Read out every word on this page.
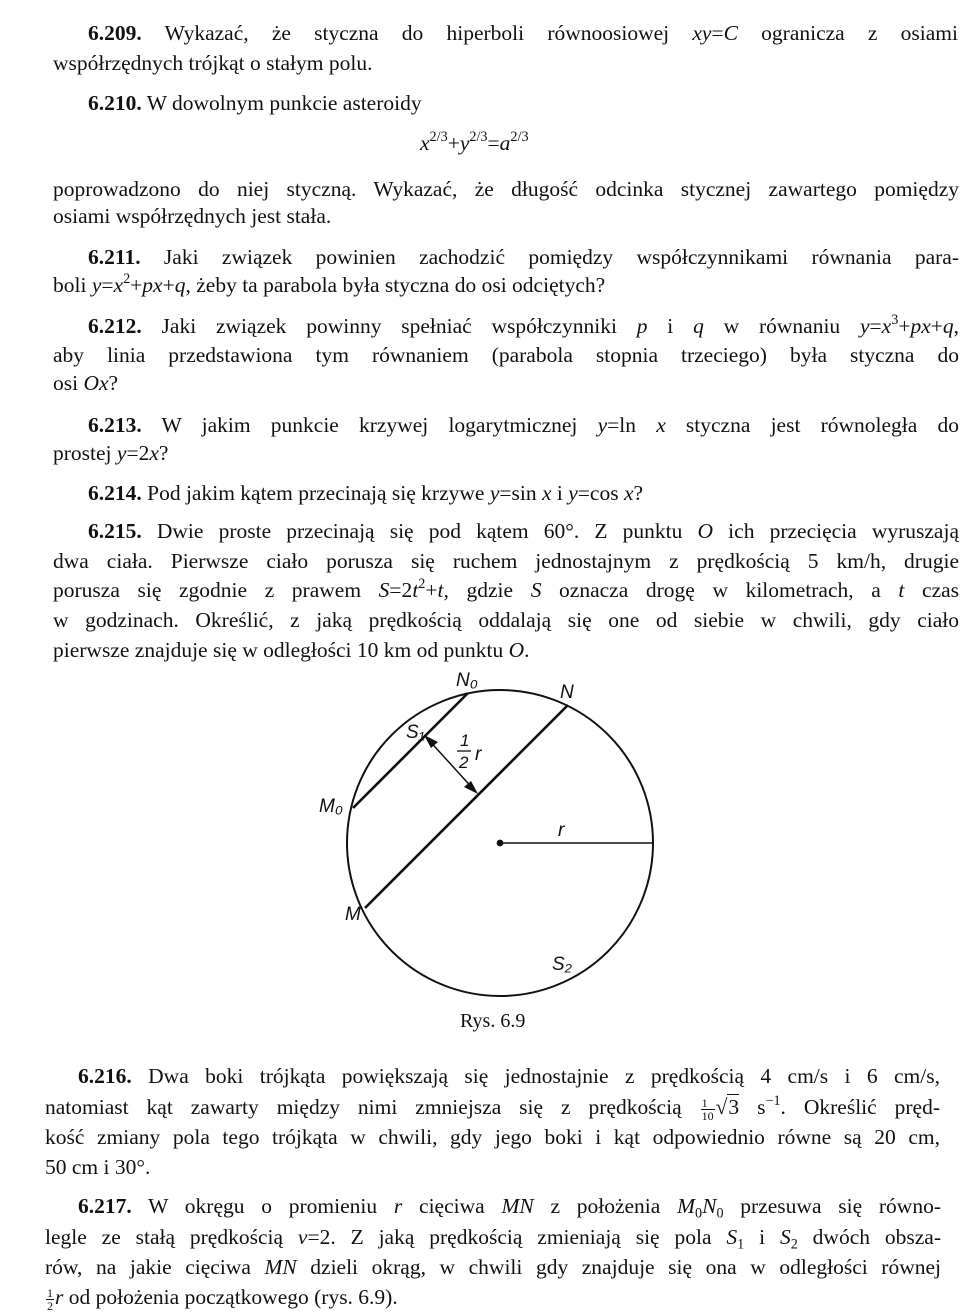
6.209. Wykazać, że styczna do hiperboli równoosiowej xy=C ogranicza z osiami
współrzędnych trójkąt o stałym polu.
6.210. W dowolnym punkcie asteroidy
$x^{2/3}+y^{2/3}=a^{2/3}$
poprowadzono do niej styczną. Wykazać, że długość odcinka stycznej zawartego pomiędzy
osiami współrzędnych jest stała.
6.211. Jaki związek powinien zachodzić pomiędzy współczynnikami równania para-
boli $y=x^2+px+q$, żeby ta parabola była styczna do osi odciętych?
6.212. Jaki związek powinny spełniać współczynniki p i q w równaniu $y=x^3+px+q$,
aby linia przedstawiona tym równaniem (parabola stopnia trzeciego) była styczna do
osi Ox?
6.213. W jakim punkcie krzywej logarytmicznej y=ln x styczna jest równoległa do
prostej y=2x?
6.214. Pod jakim kątem przecinają się krzywe y=sin x i y=cos x?
6.215. Dwie proste przecinają się pod kątem 60°. Z punktu O ich przecięcia wyruszają
dwa ciała. Pierwsze ciało porusza się ruchem jednostajnym z prędkością 5 km/h, drugie
porusza się zgodnie z prawem $S=2t^2+t$, gdzie S oznacza drogę w kilometrach, a t czas
w godzinach. Określić, z jaką prędkością oddalają się one od siebie w chwili, gdy ciało
pierwsze znajduje się w odległości 10 km od punktu O.
N₀
N
S₁ 1
2 r
M₀
r
M
S₂
Rys. 6.9
6.216. Dwa boki trójkąta powiększają się jednostajnie z prędkością 4 cm/s i 6 cm/s,
natomiast kąt zawarty między nimi zmniejsza się z prędkością $\frac{1}{10} √3$ $s^{-1}$. Określić pręd-
kość zmiany pola tego trójkąta w chwili, gdy jego boki i kąt odpowiednio równe są 20 cm,
50 cm i 30°.
6.217. W okręgu o promieniu r cięciwa MN z położenia $M_0N_0$ przesuwa się równo-
legle ze stałą prędkością v=2. Z jaką prędkością zmieniają się pola $S_1$ i $S_2$ dwóch obsza-
rów, na jakie cięciwa MN dzieli okrąg, w chwili gdy znajduje się ona w odległości równej
$\frac{1}{2}$ r od położenia początkowego (rys. 6.9).
